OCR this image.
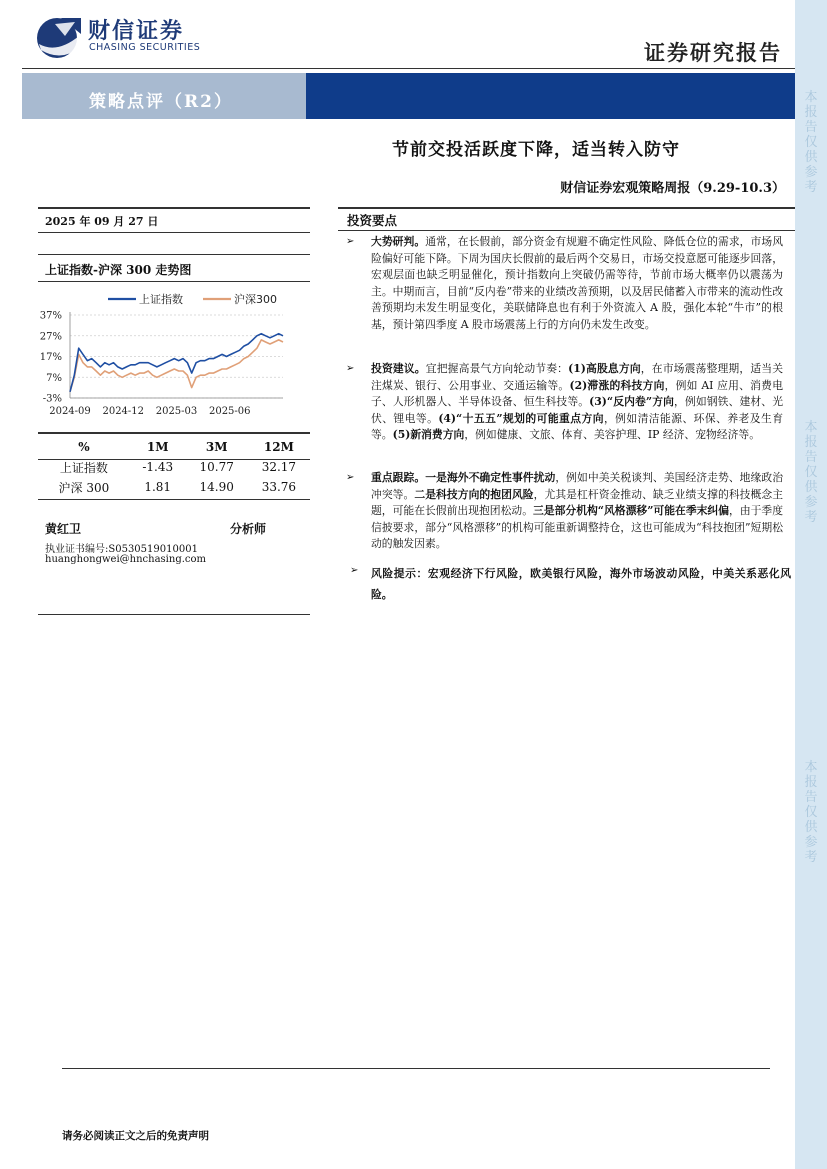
本报告仅供参考
本报告仅供参考
本报告仅供参考
财信证券
CHASING SECURITIES	证券研究报告
策略点评（R2）
节前交投活跃度下降，适当转入防守
财信证券宏观策略周报（9.29-10.3）
2025 年 09 月 27 日
上证指数-沪深 300 走势图
37%
27%
17%
7%
-3%
2024-09 2024-12 2025-03 2025-06
上证指数	沪深300
%	1M	3M	12M
上证指数	-1.43	10.77	32.17
沪深 300	1.81	14.90	33.76
黄红卫	分析师
执业证书编号:S0530519010001
huanghongwei@hnchasing.com
投资要点
➢ 大势研判。通常，在长假前，部分资金有规避不确定性风险、降低仓位的需求，市场风险偏好可能下降。下周为国庆长假前的最后两个交易日，市场交投意愿可能逐步回落，宏观层面也缺乏明显催化，预计指数向上突破仍需等待，节前市场大概率仍以震荡为主。中期而言，目前“反内卷”带来的业绩改善预期，以及居民储蓄入市带来的流动性改善预期均未发生明显变化，美联储降息也有利于外资流入 A 股，强化本轮“牛市”的根基，预计第四季度 A 股市场震荡上行的方向仍未发生改变。
➢ 投资建议。宜把握高景气方向轮动节奏：(1)高股息方向，在市场震荡整理期，适当关注煤炭、银行、公用事业、交通运输等。(2)滞涨的科技方向，例如 AI 应用、消费电子、人形机器人、半导体设备、恒生科技等。(3)“反内卷”方向，例如钢铁、建材、光伏、锂电等。(4)“十五五”规划的可能重点方向，例如清洁能源、环保、养老及生育等。(5)新消费方向，例如健康、文旅、体育、美容护理、IP 经济、宠物经济等。
➢ 重点跟踪。一是海外不确定性事件扰动，例如中美关税谈判、美国经济走势、地缘政治冲突等。二是科技方向的抱团风险，尤其是杠杆资金推动、缺乏业绩支撑的科技概念主题，可能在长假前出现抱团松动。三是部分机构“风格漂移”可能在季末纠偏，由于季度信披要求，部分“风格漂移”的机构可能重新调整持仓，这也可能成为“科技抱团”短期松动的触发因素。
➢ 风险提示：宏观经济下行风险，欧美银行风险，海外市场波动风险，中美关系恶化风险。
请务必阅读正文之后的免责声明
